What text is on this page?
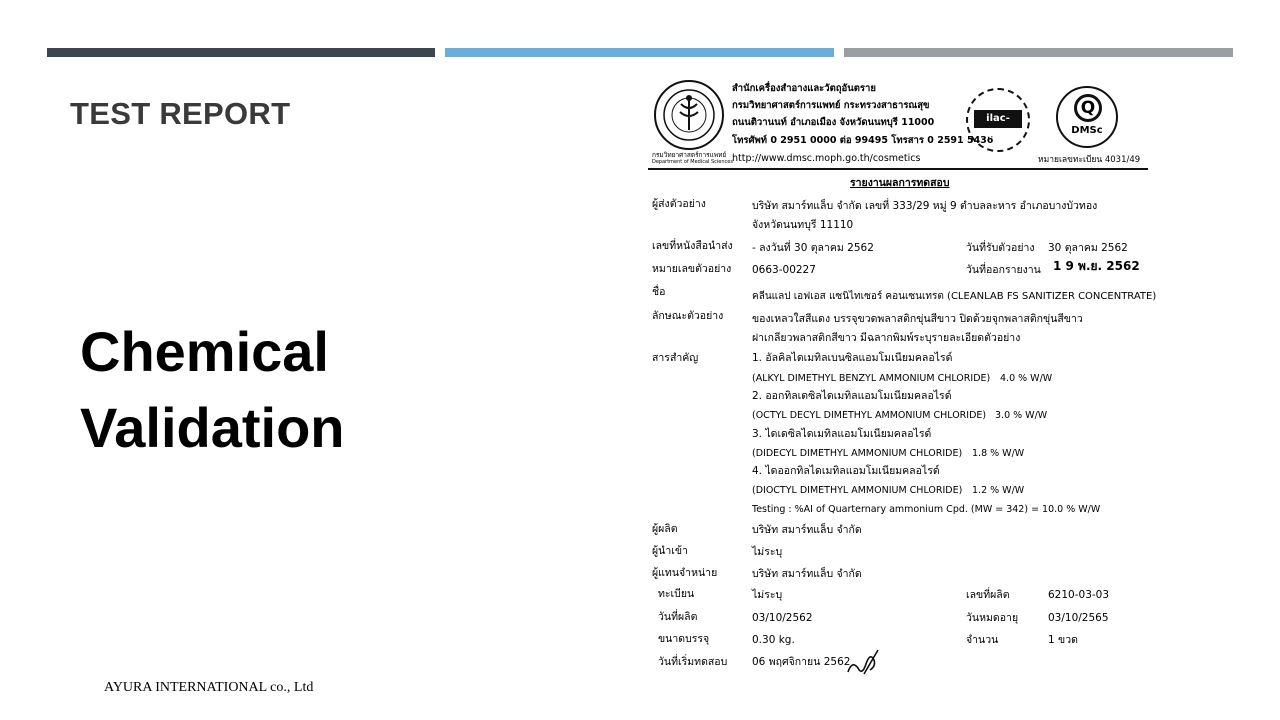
TEST REPORT
Chemical
Validation
AYURA INTERNATIONAL co., Ltd
กรมวิทยาศาสตร์การแพทย์
Department of Medical Sciences
สำนักเครื่องสำอางและวัตถุอันตราย
กรมวิทยาศาสตร์การแพทย์ กระทรวงสาธารณสุข
ถนนติวานนท์ อำเภอเมือง จังหวัดนนทบุรี 11000
โทรศัพท์ 0 2951 0000 ต่อ 99495 โทรสาร 0 2591 5436
http://www.dmsc.moph.go.th/cosmetics
ilac-MRA
Q
DMSc
หมายเลขทะเบียน 4031/49
รายงานผลการทดสอบ
ผู้ส่งตัวอย่าง	บริษัท สมาร์ทแล็บ จำกัด เลขที่ 333/29 หมู่ 9 ตำบลละหาร อำเภอบางบัวทอง
จังหวัดนนทบุรี 11110
เลขที่หนังสือนำส่ง - ลงวันที่ 30 ตุลาคม 2562	วันที่รับตัวอย่าง 30 ตุลาคม 2562
หมายเลขตัวอย่าง 0663-00227	วันที่ออกรายงาน 1 9 พ.ย. 2562
ชื่อ	คลีนแลป เอฟเอส แซนิไทเซอร์ คอนเซนเทรต (CLEANLAB FS SANITIZER CONCENTRATE)
ลักษณะตัวอย่าง	ของเหลวใสสีแดง บรรจุขวดพลาสติกขุ่นสีขาว ปิดด้วยจุกพลาสติกขุ่นสีขาว
ฝาเกลียวพลาสติกสีขาว มีฉลากพิมพ์ระบุรายละเอียดตัวอย่าง
สารสำคัญ	1. อัลคิลไดเมทิลเบนซิลแอมโมเนียมคลอไรด์
(ALKYL DIMETHYL BENZYL AMMONIUM CHLORIDE) 4.0 % W/W
2. ออกทิลเดซิลไดเมทิลแอมโมเนียมคลอไรด์
(OCTYL DECYL DIMETHYL AMMONIUM CHLORIDE) 3.0 % W/W
3. ไดเดซิลไดเมทิลแอมโมเนียมคลอไรด์
(DIDECYL DIMETHYL AMMONIUM CHLORIDE) 1.8 % W/W
4. ไดออกทิลไดเมทิลแอมโมเนียมคลอไรด์
(DIOCTYL DIMETHYL AMMONIUM CHLORIDE) 1.2 % W/W
Testing : %AI of Quarternary ammonium Cpd. (MW = 342) = 10.0 % W/W
ผู้ผลิต	บริษัท สมาร์ทแล็บ จำกัด
ผู้นำเข้า	ไม่ระบุ
ผู้แทนจำหน่าย	บริษัท สมาร์ทแล็บ จำกัด
ทะเบียน	ไม่ระบุ	เลขที่ผลิต	6210-03-03
วันที่ผลิต	03/10/2562	วันหมดอายุ	03/10/2565
ขนาดบรรจุ	0.30 kg.	จำนวน	1 ขวด
วันที่เริ่มทดสอบ 06 พฤศจิกายน 2562
